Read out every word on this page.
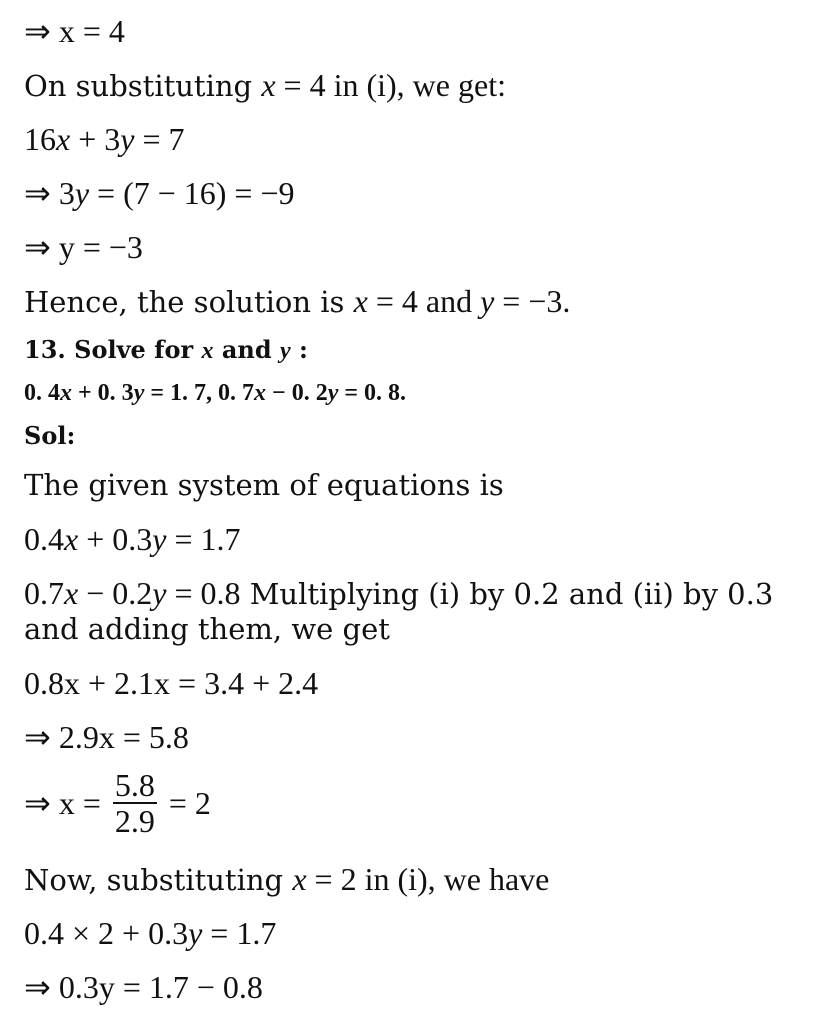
⇒ x = 4
On substituting x = 4 in (i), we get:
16x + 3y = 7
⇒ 3y = (7 − 16) = −9
⇒ y = −3
Hence, the solution is x = 4 and y = −3.
13. Solve for x and y :
0. 4x + 0. 3y = 1. 7, 0. 7x − 0. 2y = 0. 8.
Sol:
The given system of equations is
0.4x + 0.3y = 1.7
0.7x − 0.2y = 0.8 Multiplying (i) by 0.2 and (ii) by 0.3
and adding them, we get
0.8x + 2.1x = 3.4 + 2.4
⇒ 2.9x = 5.8
⇒ $x = \frac{5.8}{2.9} = 2$
Now, substituting x = 2 in (i), we have
0.4 × 2 + 0.3y = 1.7
⇒ 0.3y = 1.7 − 0.8
